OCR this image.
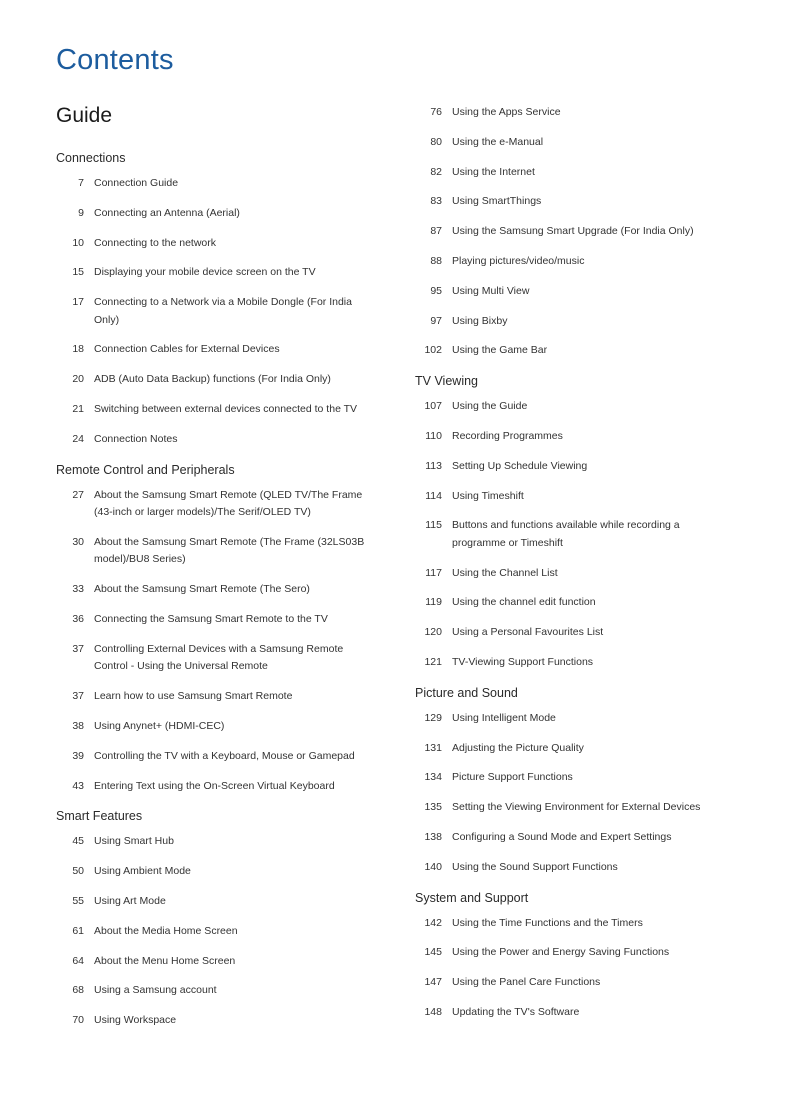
Contents
Guide
Connections
7 Connection Guide
9 Connecting an Antenna (Aerial)
10 Connecting to the network
15 Displaying your mobile device screen on the TV
17 Connecting to a Network via a Mobile Dongle (For India Only)
18 Connection Cables for External Devices
20 ADB (Auto Data Backup) functions (For India Only)
21 Switching between external devices connected to the TV
24 Connection Notes
Remote Control and Peripherals
27 About the Samsung Smart Remote (QLED TV/The Frame (43-inch or larger models)/The Serif/OLED TV)
30 About the Samsung Smart Remote (The Frame (32LS03B model)/BU8 Series)
33 About the Samsung Smart Remote (The Sero)
36 Connecting the Samsung Smart Remote to the TV
37 Controlling External Devices with a Samsung Remote Control - Using the Universal Remote
37 Learn how to use Samsung Smart Remote
38 Using Anynet+ (HDMI-CEC)
39 Controlling the TV with a Keyboard, Mouse or Gamepad
43 Entering Text using the On-Screen Virtual Keyboard
Smart Features
45 Using Smart Hub
50 Using Ambient Mode
55 Using Art Mode
61 About the Media Home Screen
64 About the Menu Home Screen
68 Using a Samsung account
70 Using Workspace
76 Using the Apps Service
80 Using the e-Manual
82 Using the Internet
83 Using SmartThings
87 Using the Samsung Smart Upgrade (For India Only)
88 Playing pictures/video/music
95 Using Multi View
97 Using Bixby
102 Using the Game Bar
TV Viewing
107 Using the Guide
110 Recording Programmes
113 Setting Up Schedule Viewing
114 Using Timeshift
115 Buttons and functions available while recording a programme or Timeshift
117 Using the Channel List
119 Using the channel edit function
120 Using a Personal Favourites List
121 TV-Viewing Support Functions
Picture and Sound
129 Using Intelligent Mode
131 Adjusting the Picture Quality
134 Picture Support Functions
135 Setting the Viewing Environment for External Devices
138 Configuring a Sound Mode and Expert Settings
140 Using the Sound Support Functions
System and Support
142 Using the Time Functions and the Timers
145 Using the Power and Energy Saving Functions
147 Using the Panel Care Functions
148 Updating the TV's Software
